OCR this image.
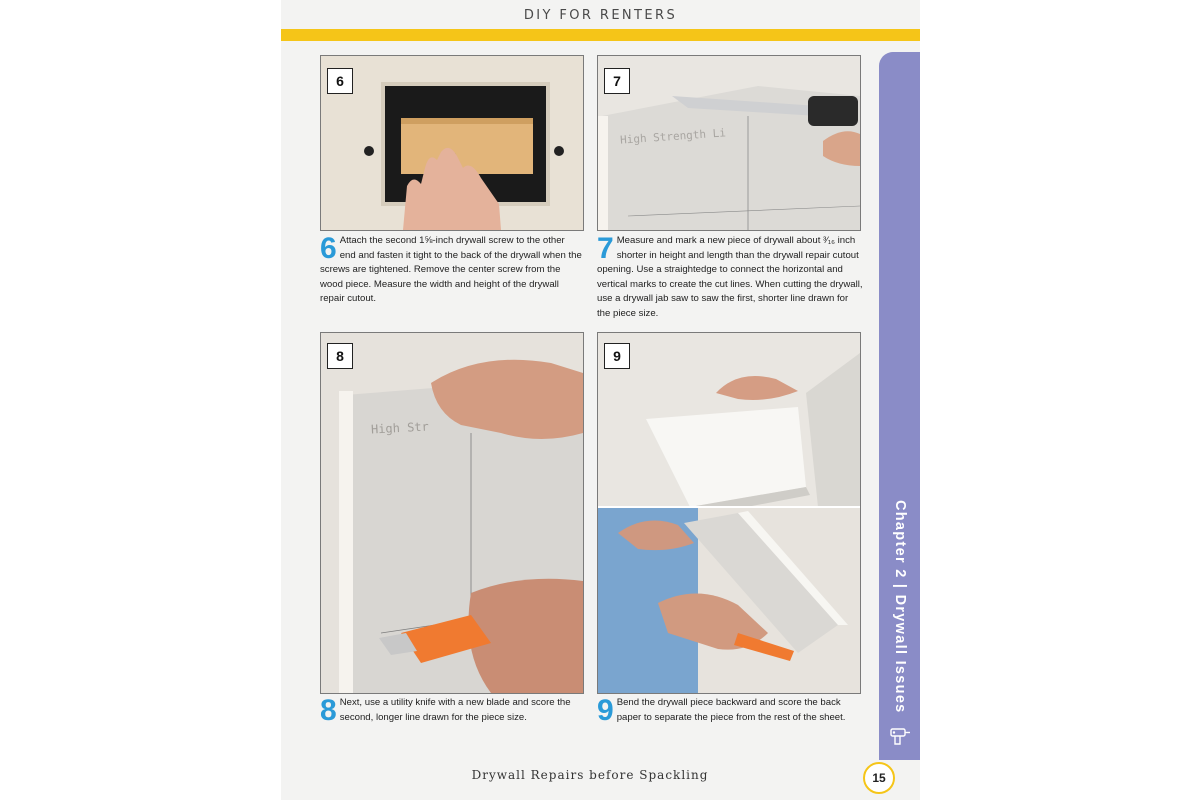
DIY FOR RENTERS
Chapter 2 | Drywall Issues
6
High Strength Li
7
High Str
8	9
6 Attach the second 1⅝-inch drywall screw to the other end and fasten it tight to the back of the drywall when the screws are tightened. Remove the center screw from the wood piece. Measure the width and height of the drywall repair cutout.
7 Measure and mark a new piece of drywall about ³⁄₁₆ inch shorter in height and length than the drywall repair cutout opening. Use a straightedge to connect the horizontal and vertical marks to create the cut lines. When cutting the drywall, use a drywall jab saw to saw the first, shorter line drawn for the piece size.
8 Next, use a utility knife with a new blade and score the second, longer line drawn for the piece size.	9 Bend the drywall piece backward and score the back paper to separate the piece from the rest of the sheet.
Drywall Repairs before Spackling	15
